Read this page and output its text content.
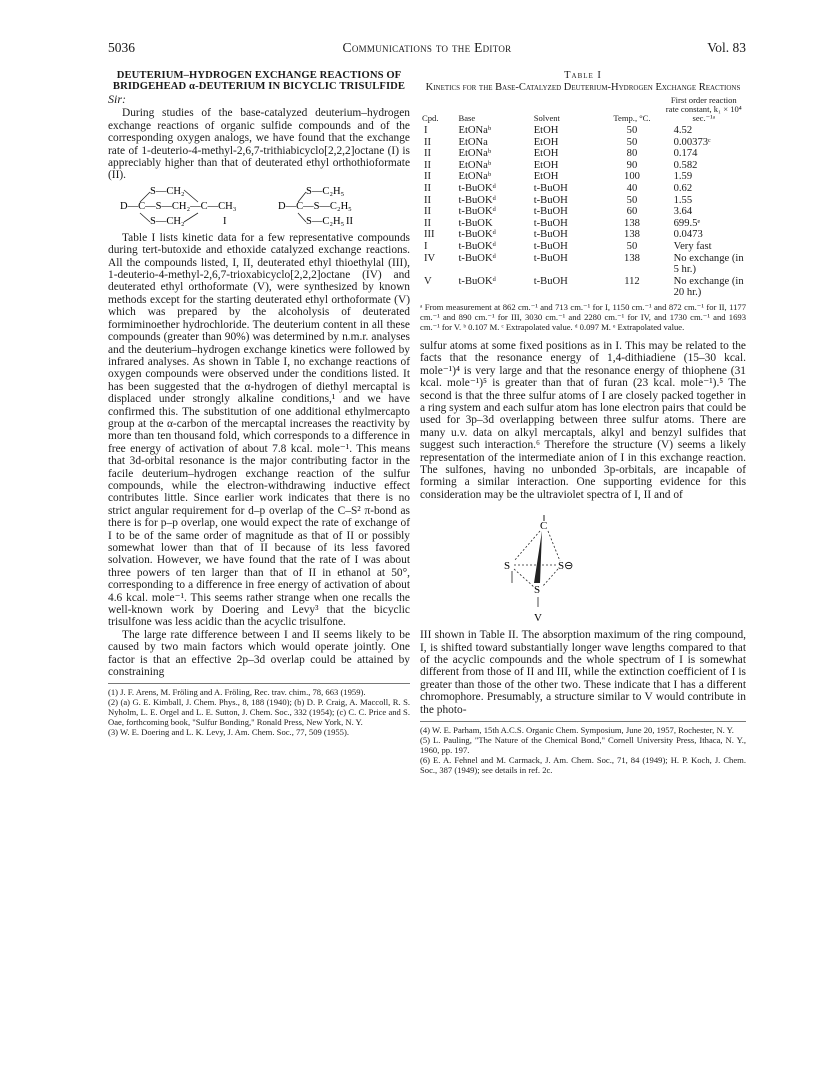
5036	Communications to the Editor	Vol. 83
DEUTERIUM–HYDROGEN EXCHANGE REACTIONS OF BRIDGEHEAD α-DEUTERIUM IN BICYCLIC TRISULFIDE
Sir:

During studies of the base-catalyzed deuterium–hydrogen exchange reactions of organic sulfide compounds and of the corresponding oxygen analogs, we have found that the exchange rate of 1-deuterio-4-methyl-2,6,7-trithiabicyclo[2,2,2]octane (I) is appreciably higher than that of deuterated ethyl orthothioformate (II).

S—CH₂
D—C—S—CH₂—C—CH₃
S—CH₂	I
S—C₂H₅
D—C—S—C₂H₅
S—C₂H₅ II

Table I lists kinetic data for a few representative compounds during tert-butoxide and ethoxide catalyzed exchange reactions. All the compounds listed, I, II, deuterated ethyl thioethylal (III), 1-deuterio-4-methyl-2,6,7-trioxabicyclo[2,2,2]octane (IV) and deuterated ethyl orthoformate (V), were synthesized by known methods except for the starting deuterated ethyl orthoformate (V) which was prepared by the alcoholysis of deuterated formiminoether hydrochloride. The deuterium content in all these compounds (greater than 90%) was determined by n.m.r. analyses and the deuterium–hydrogen exchange kinetics were followed by infrared analyses. As shown in Table I, no exchange reactions of oxygen compounds were observed under the conditions listed. It has been suggested that the α-hydrogen of diethyl mercaptal is displaced under strongly alkaline conditions,¹ and we have confirmed this. The substitution of one additional ethylmercapto group at the α-carbon of the mercaptal increases the reactivity by more than ten thousand fold, which corresponds to a difference in free energy of activation of about 7.8 kcal. mole⁻¹. This means that 3d-orbital resonance is the major contributing factor in the facile deuterium–hydrogen exchange reaction of the sulfur compounds, while the electron-withdrawing inductive effect contributes little. Since earlier work indicates that there is no strict angular requirement for d–p overlap of the C–S² π-bond as there is for p–p overlap, one would expect the rate of exchange of I to be of the same order of magnitude as that of II or possibly somewhat lower than that of II because of its less favored solvation. However, we have found that the rate of I was about three powers of ten larger than that of II in ethanol at 50°, corresponding to a difference in free energy of activation of about 4.6 kcal. mole⁻¹. This seems rather strange when one recalls the well-known work by Doering and Levy³ that the bicyclic trisulfone was less acidic than the acyclic trisulfone.

The large rate difference between I and II seems likely to be caused by two main factors which would operate jointly. One factor is that an effective 2p–3d overlap could be attained by constraining

(1) J. F. Arens, M. Fröling and A. Fröling, Rec. trav. chim., 78, 663 (1959).
(2) (a) G. E. Kimball, J. Chem. Phys., 8, 188 (1940); (b) D. P. Craig, A. Maccoll, R. S. Nyholm, L. E. Orgel and L. E. Sutton, J. Chem. Soc., 332 (1954); (c) C. C. Price and S. Oae, forthcoming book, "Sulfur Bonding," Ronald Press, New York, N. Y.
(3) W. E. Doering and L. K. Levy, J. Am. Chem. Soc., 77, 509 (1955).
Table I
Kinetics for the Base-Catalyzed Deuterium-Hydrogen Exchange Reactions
Cpd.	Base	Solvent	Temp., °C.	First order reaction rate constant, k₁ × 10⁴ sec.⁻¹ᵃ
I	EtONaᵇ	EtOH	50	4.52
II	EtONa	EtOH	50	0.00373ᶜ
II	EtONaᵇ	EtOH	80	0.174
II	EtONaᵇ	EtOH	90	0.582
II	EtONaᵇ	EtOH	100	1.59
II	t-BuOKᵈ	t-BuOH	40	0.62
II	t-BuOKᵈ	t-BuOH	50	1.55
II	t-BuOKᵈ	t-BuOH	60	3.64
II	t-BuOK	t-BuOH	138	699.5ᵉ
III	t-BuOKᵈ	t-BuOH	138	0.0473
I	t-BuOKᵈ	t-BuOH	50	Very fast
IV	t-BuOKᵈ	t-BuOH	138	No exchange (in 5 hr.)
V	t-BuOKᵈ	t-BuOH	112	No exchange (in 20 hr.)
ᵃ From measurement at 862 cm.⁻¹ and 713 cm.⁻¹ for I, 1150 cm.⁻¹ and 872 cm.⁻¹ for II, 1177 cm.⁻¹ and 890 cm.⁻¹ for III, 3030 cm.⁻¹ and 2280 cm.⁻¹ for IV, and 1730 cm.⁻¹ and 1693 cm.⁻¹ for V. ᵇ 0.107 M. ᶜ Extrapolated value. ᵈ 0.097 M. ᵉ Extrapolated value.

sulfur atoms at some fixed positions as in I. This may be related to the facts that the resonance energy of 1,4-dithiadiene (15–30 kcal. mole⁻¹)⁴ is very large and that the resonance energy of thiophene (31 kcal. mole⁻¹)⁵ is greater than that of furan (23 kcal. mole⁻¹).⁵ The second is that the three sulfur atoms of I are closely packed together in a ring system and each sulfur atom has lone electron pairs that could be used for 3p–3d overlapping between three sulfur atoms. There are many u.v. data on alkyl mercaptals, alkyl and benzyl sulfides that suggest such interaction.⁶ Therefore the structure (V) seems a likely representation of the intermediate anion of I in this exchange reaction. The sulfones, having no unbonded 3p-orbitals, are incapable of forming a similar interaction. One supporting evidence for this consideration may be the ultraviolet spectra of I, II and of

C
S	S⊖
S
V

III shown in Table II. The absorption maximum of the ring compound, I, is shifted toward substantially longer wave lengths compared to that of the acyclic compounds and the whole spectrum of I is somewhat different from those of II and III, while the extinction coefficient of I is greater than those of the other two. These indicate that I has a different chromophore. Presumably, a structure similar to V would contribute in the photo-

(4) W. E. Parham, 15th A.C.S. Organic Chem. Symposium, June 20, 1957, Rochester, N. Y.
(5) L. Pauling, "The Nature of the Chemical Bond," Cornell University Press, Ithaca, N. Y., 1960, pp. 197.
(6) E. A. Fehnel and M. Carmack, J. Am. Chem. Soc., 71, 84 (1949); H. P. Koch, J. Chem. Soc., 387 (1949); see details in ref. 2c.
